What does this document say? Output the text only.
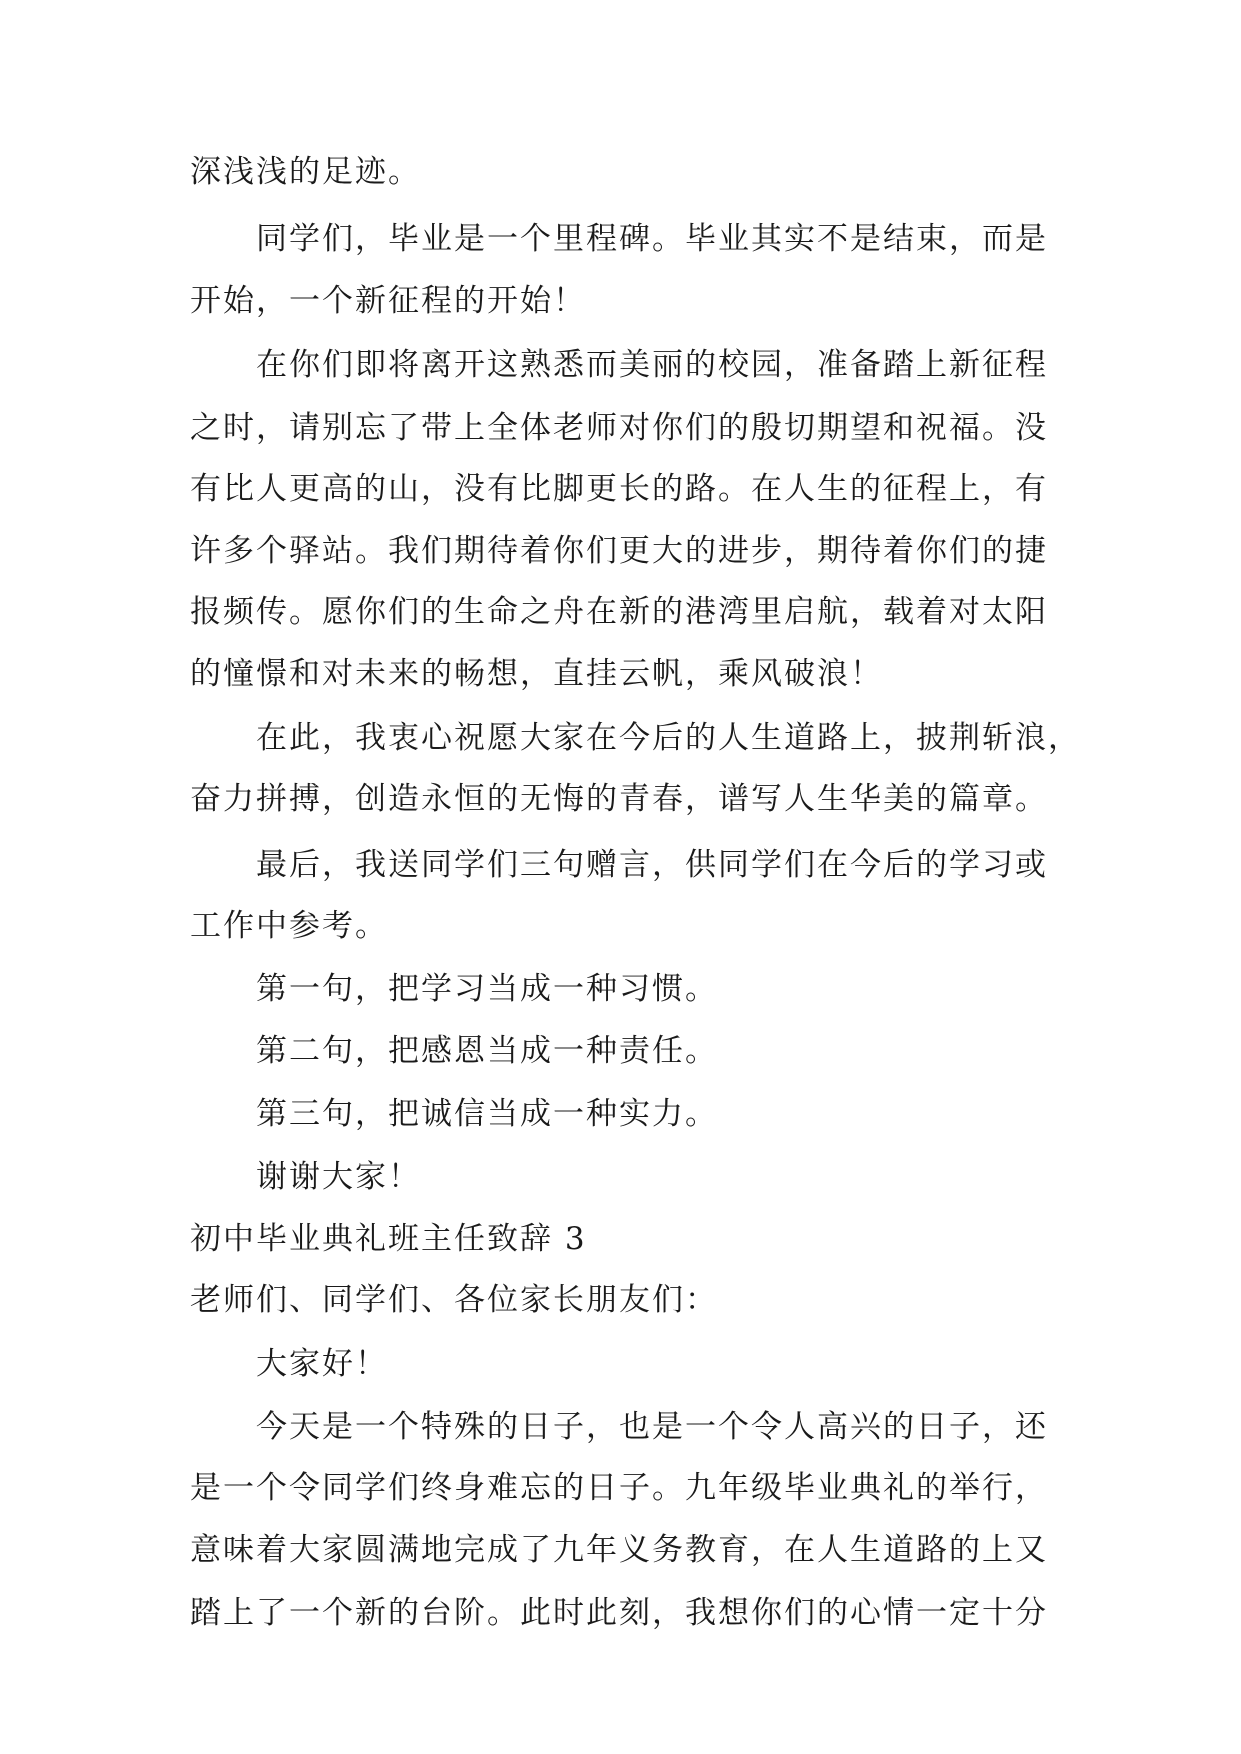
深浅浅的足迹。
同学们，毕业是一个里程碑。毕业其实不是结束，而是
开始，一个新征程的开始！
在你们即将离开这熟悉而美丽的校园，准备踏上新征程
之时，请别忘了带上全体老师对你们的殷切期望和祝福。没
有比人更高的山，没有比脚更长的路。在人生的征程上，有
许多个驿站。我们期待着你们更大的进步，期待着你们的捷
报频传。愿你们的生命之舟在新的港湾里启航，载着对太阳
的憧憬和对未来的畅想，直挂云帆，乘风破浪！
在此，我衷心祝愿大家在今后的人生道路上，披荆斩浪，
奋力拼搏，创造永恒的无悔的青春，谱写人生华美的篇章。
最后，我送同学们三句赠言，供同学们在今后的学习或
工作中参考。
第一句，把学习当成一种习惯。
第二句，把感恩当成一种责任。
第三句，把诚信当成一种实力。
谢谢大家！
初中毕业典礼班主任致辞 3
老师们、同学们、各位家长朋友们：
大家好！
今天是一个特殊的日子，也是一个令人高兴的日子，还
是一个令同学们终身难忘的日子。九年级毕业典礼的举行，
意味着大家圆满地完成了九年义务教育，在人生道路的上又
踏上了一个新的台阶。此时此刻，我想你们的心情一定十分
